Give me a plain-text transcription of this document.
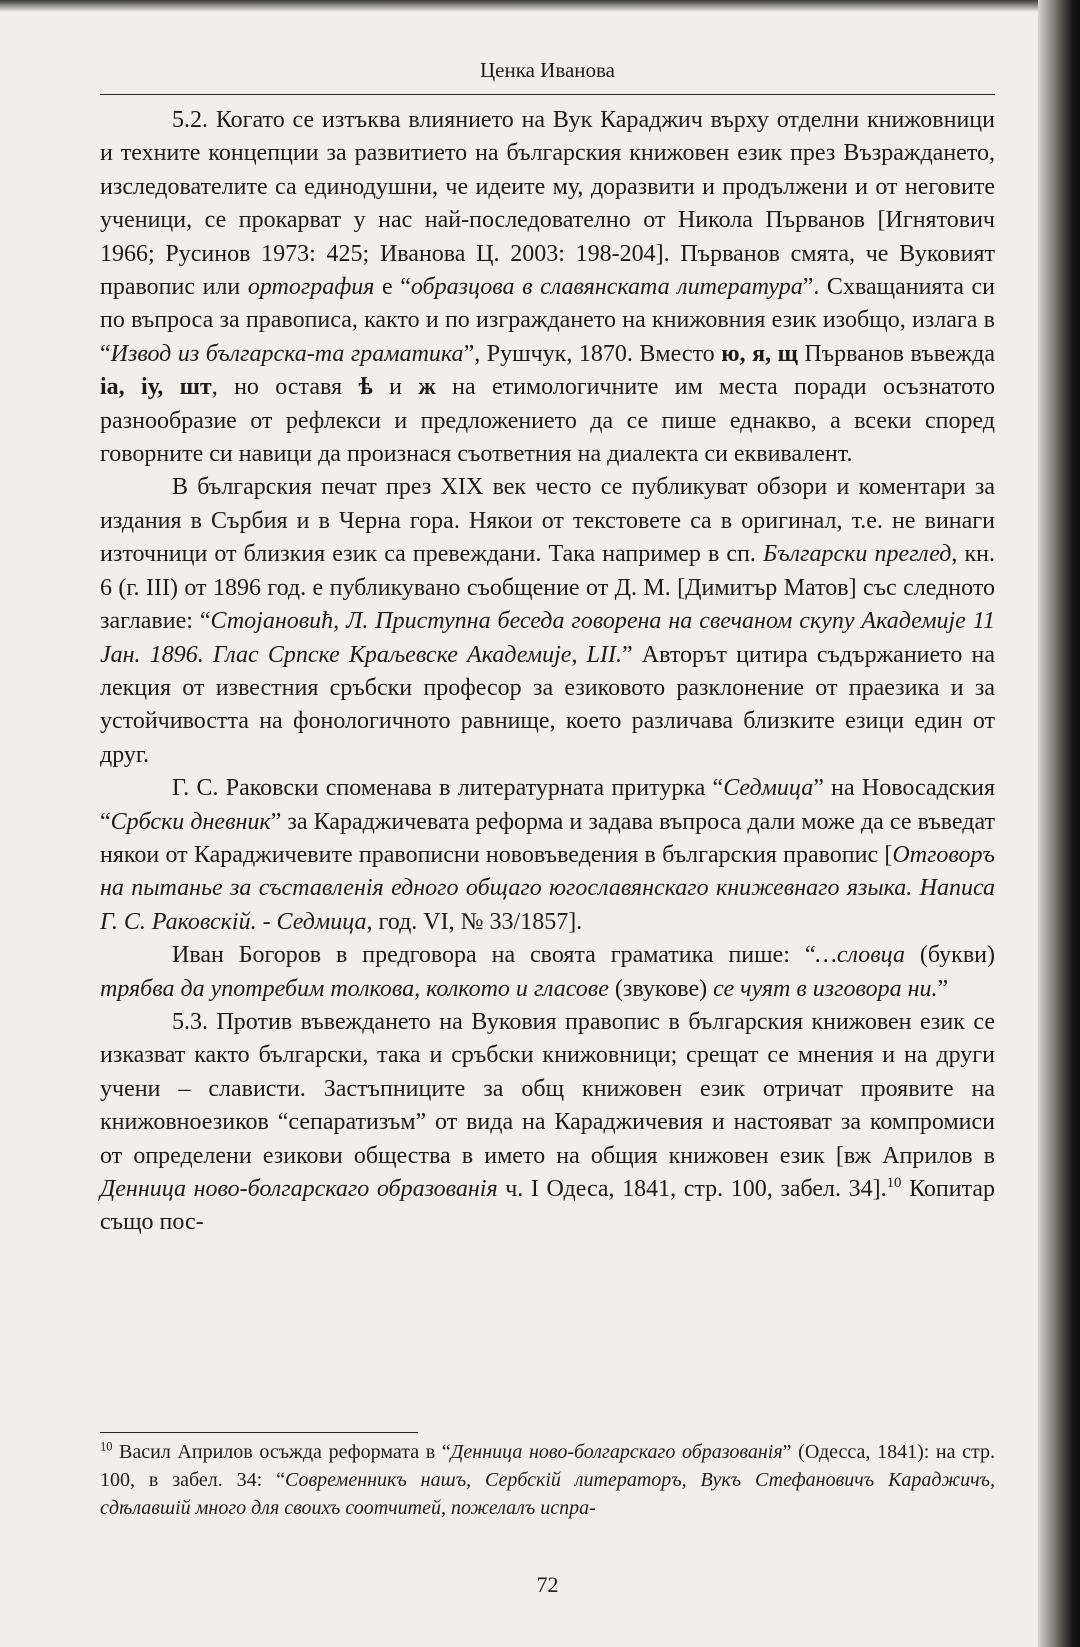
Ценка Иванова

5.2. Когато се изтъква влиянието на Вук Караджич върху отделни книжовници и техните концепции за развитието на българския книжовен език през Възраждането, изследователите са единодушни, че идеите му, доразвити и продължени и от неговите ученици, се прокарват у нас най-последователно от Никола Първанов [Игнятович 1966; Русинов 1973: 425; Иванова Ц. 2003: 198-204]. Първанов смята, че Вуковият правопис или ортография е “образцова в славянската литература”. Схващанията си по въпроса за правописа, както и по изграждането на книжовния език изобщо, излага в “Извод из българска-та граматика”, Рушчук, 1870. Вместо ю, я, щ Първанов въвежда іа, іу, шт, но оставя ѣ и ж на етимологичните им места поради осъзнатото разнообразие от рефлекси и предложението да се пише еднакво, а всеки според говорните си навици да произнася съответния на диалекта си еквивалент.

В българския печат през XIX век често се публикуват обзори и коментари за издания в Сърбия и в Черна гора. Някои от текстовете са в оригинал, т.е. не винаги източници от близкия език са превеждани. Така например в сп. Български преглед, кн. 6 (г. III) от 1896 год. е публикувано съобщение от Д. М. [Димитър Матов] със следното заглавие: “Стојановић, Л. Приступна беседа говорена на свечаном скупу Академије 11 Јан. 1896. Глас Српске Краљевске Академије, LII.” Авторът цитира съдържанието на лекция от известния сръбски професор за езиковото разклонение от праезика и за устойчивостта на фонологичното равнище, което различава близките езици един от друг.

Г. С. Раковски споменава в литературната притурка “Седмица” на Новосадския “Србски дневник” за Караджичевата реформа и задава въпроса дали може да се въведат някои от Караджичевите правописни нововъведения в българския правопис [Отговоръ на пытанье за съставленія едного общаго югославянскаго книжевнаго языка. Написа Г. С. Раковскій. - Седмица, год. VI, № 33/1857].

Иван Богоров в предговора на своята граматика пише: “…словца (букви) трябва да употребим толкова, колкото и гласове (звукове) се чуят в изговора ни.”

5.3. Против въвеждането на Вуковия правопис в българския книжовен език се изказват както български, така и сръбски книжовници; срещат се мнения и на други учени – слависти. Застъпниците за общ книжовен език отричат проявите на книжовноезиков “сепаратизъм” от вида на Караджичевия и настояват за компромиси от определени езикови общества в името на общия книжовен език [вж Априлов в Денница ново-болгарскаго образованія ч. I Одеса, 1841, стр. 100, забел. 34].$^{10}$ Копитар също пос-

$^{10}$ Васил Априлов осъжда реформата в “Денница ново-болгарскаго образованія” (Одесса, 1841): на стр. 100, в забел. 34: “Современникъ нашъ, Сербскій литераторъ, Вукъ Стефановичъ Караджичъ, сдѣлавшій много для своихъ соотчитей, пожелалъ испра-
72
